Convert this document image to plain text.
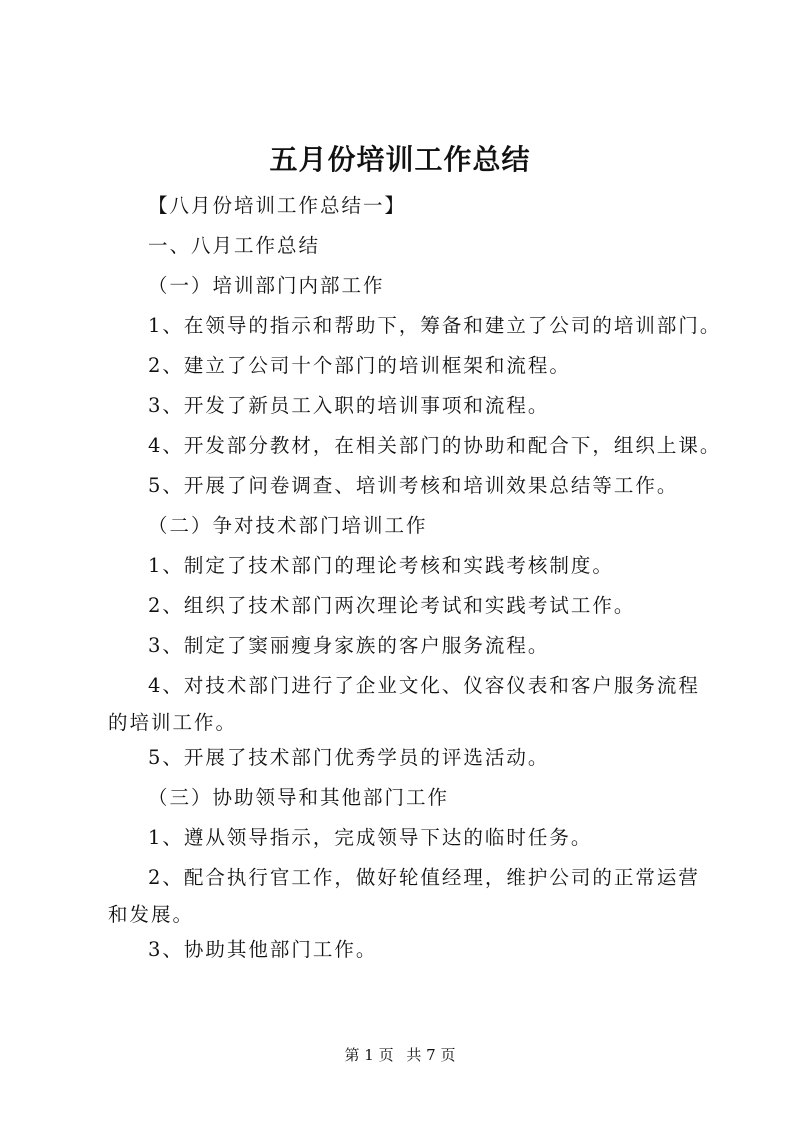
五月份培训工作总结
【八月份培训工作总结一】
一、八月工作总结
（一）培训部门内部工作
1、在领导的指示和帮助下，筹备和建立了公司的培训部门。
2、建立了公司十个部门的培训框架和流程。
3、开发了新员工入职的培训事项和流程。
4、开发部分教材，在相关部门的协助和配合下，组织上课。
5、开展了问卷调查、培训考核和培训效果总结等工作。
（二）争对技术部门培训工作
1、制定了技术部门的理论考核和实践考核制度。
2、组织了技术部门两次理论考试和实践考试工作。
3、制定了窦丽瘦身家族的客户服务流程。
4、对技术部门进行了企业文化、仪容仪表和客户服务流程的培训工作。
5、开展了技术部门优秀学员的评选活动。
（三）协助领导和其他部门工作
1、遵从领导指示，完成领导下达的临时任务。
2、配合执行官工作，做好轮值经理，维护公司的正常运营和发展。
3、协助其他部门工作。
第 1 页 共 7 页
